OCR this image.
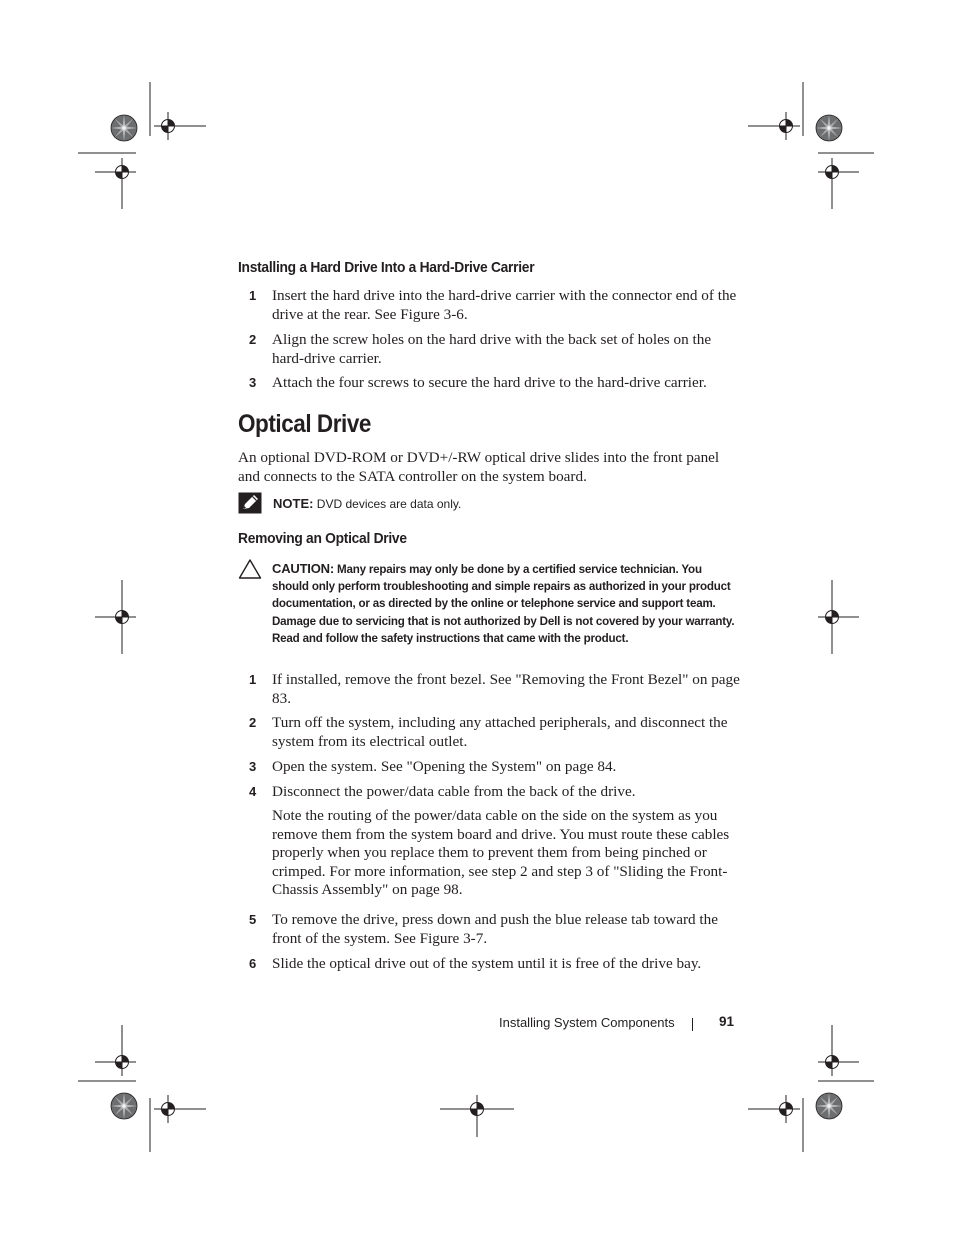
Installing a Hard Drive Into a Hard-Drive Carrier
1 Insert the hard drive into the hard-drive carrier with the connector end of the drive at the rear. See Figure 3-6.
2 Align the screw holes on the hard drive with the back set of holes on the hard-drive carrier.
3 Attach the four screws to secure the hard drive to the hard-drive carrier.
Optical Drive
An optional DVD-ROM or DVD+/-RW optical drive slides into the front panel and connects to the SATA controller on the system board.
NOTE: DVD devices are data only.
Removing an Optical Drive
CAUTION: Many repairs may only be done by a certified service technician. You should only perform troubleshooting and simple repairs as authorized in your product documentation, or as directed by the online or telephone service and support team. Damage due to servicing that is not authorized by Dell is not covered by your warranty. Read and follow the safety instructions that came with the product.
1 If installed, remove the front bezel. See "Removing the Front Bezel" on page 83.
2 Turn off the system, including any attached peripherals, and disconnect the system from its electrical outlet.
3 Open the system. See "Opening the System" on page 84.
4 Disconnect the power/data cable from the back of the drive.
Note the routing of the power/data cable on the side on the system as you remove them from the system board and drive. You must route these cables properly when you replace them to prevent them from being pinched or crimped. For more information, see step 2 and step 3 of "Sliding the Front-Chassis Assembly" on page 98.
5 To remove the drive, press down and push the blue release tab toward the front of the system. See Figure 3-7.
6 Slide the optical drive out of the system until it is free of the drive bay.
Installing System Components	91
